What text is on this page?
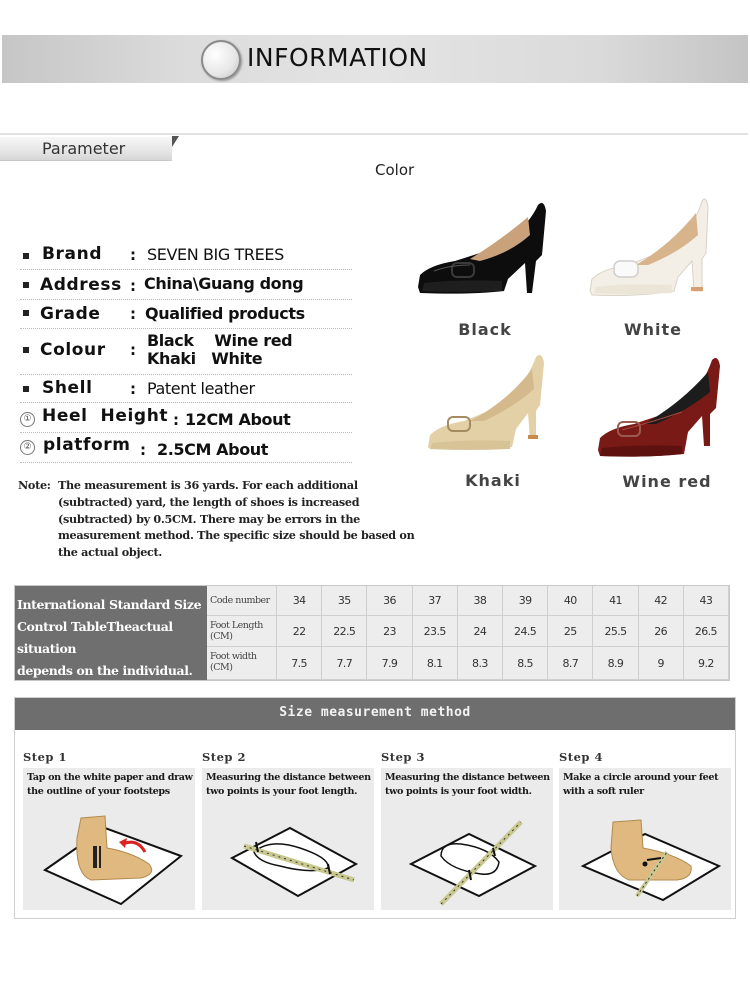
INFORMATION
Parameter
Brand : SEVEN BIG TREES
Address : China\Guang dong
Grade : Qualified products
Colour : Black    Wine red
Khaki   White
Shell : Patent leather
① Heel  Height : 12CM About
② platform : 2.5CM About
Note: The measurement is 36 yards. For each additional (subtracted) yard, the length of shoes is increased (subtracted) by 0.5CM. There may be errors in the measurement method. The specific size should be based on the actual object.
Color
Black	White
Khaki	Wine red
International Standard Size
Control TableTheactual situation
depends on the individual.
Code number	34	35	36	37	38	39	40	41	42	43
Foot Length (CM)	22	22.5	23	23.5	24	24.5	25	25.5	26	26.5
Foot width (CM)	7.5	7.7	7.9	8.1	8.3	8.5	8.7	8.9	9	9.2
Size measurement method
Step 1
Tap on the white paper and draw the outline of your footsteps
Step 2
Measuring the distance between two points is your foot length.
Step 3
Measuring the distance between two points is your foot width.
Step 4
Make a circle around your feet with a soft ruler
